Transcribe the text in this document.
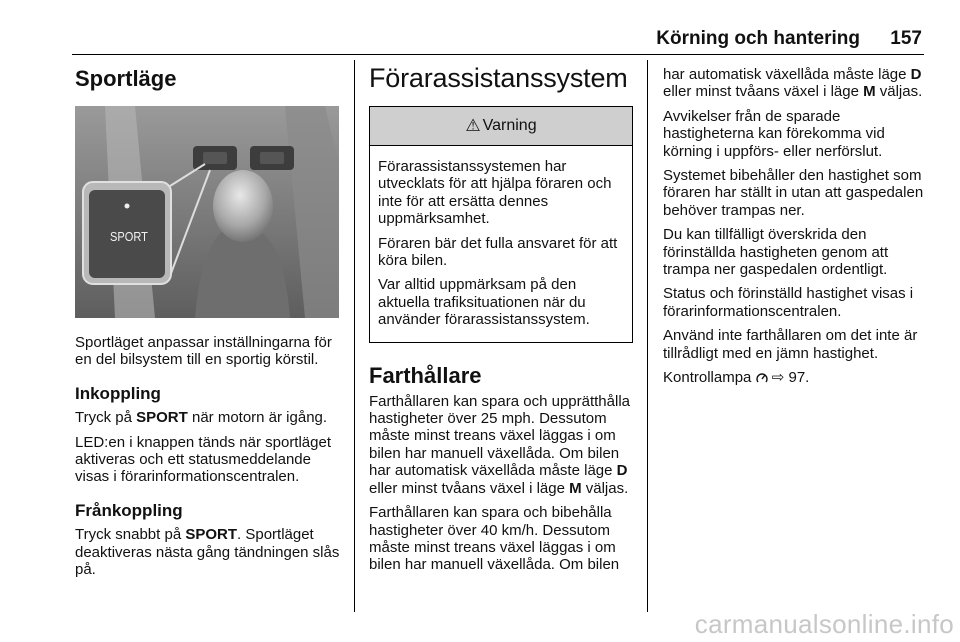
Körning och hantering 157
Sportläge
SPORT

Sportläget anpassar inställningarna för en del bilsystem till en sportig körstil.

Inkoppling

Tryck på SPORT när motorn är igång.

LED:en i knappen tänds när sportläget aktiveras och ett statusmeddelande visas i förarinformationscentralen.

Frånkoppling

Tryck snabbt på SPORT. Sportläget deaktiveras nästa gång tändningen slås på.

Förarassistanssystem
⚠ Varning

Förarassistanssystemen har utvecklats för att hjälpa föraren och inte för att ersätta dennes uppmärksamhet.

Föraren bär det fulla ansvaret för att köra bilen.

Var alltid uppmärksam på den aktuella trafiksituationen när du använder förarassistanssystem.

Farthållare

Farthållaren kan spara och upprätthålla hastigheter över 25 mph. Dessutom måste minst treans växel läggas i om bilen har manuell växellåda. Om bilen har automatisk växellåda måste läge D eller minst tvåans växel i läge M väljas.

Farthållaren kan spara och bibehålla hastigheter över 40 km/h. Dessutom måste minst treans växel läggas i om bilen har manuell växellåda. Om bilen

har automatisk växellåda måste läge D eller minst tvåans växel i läge M väljas.

Avvikelser från de sparade hastigheterna kan förekomma vid körning i uppförs- eller nerförslut.

Systemet bibehåller den hastighet som föraren har ställt in utan att gaspedalen behöver trampas ner.

Du kan tillfälligt överskrida den förinställda hastigheten genom att trampa ner gaspedalen ordentligt.

Status och förinställd hastighet visas i förarinformationscentralen.

Använd inte farthållaren om det inte är tillrådligt med en jämn hastighet.

Kontrollampa ⇨ 97.

carmanualsonline.info
